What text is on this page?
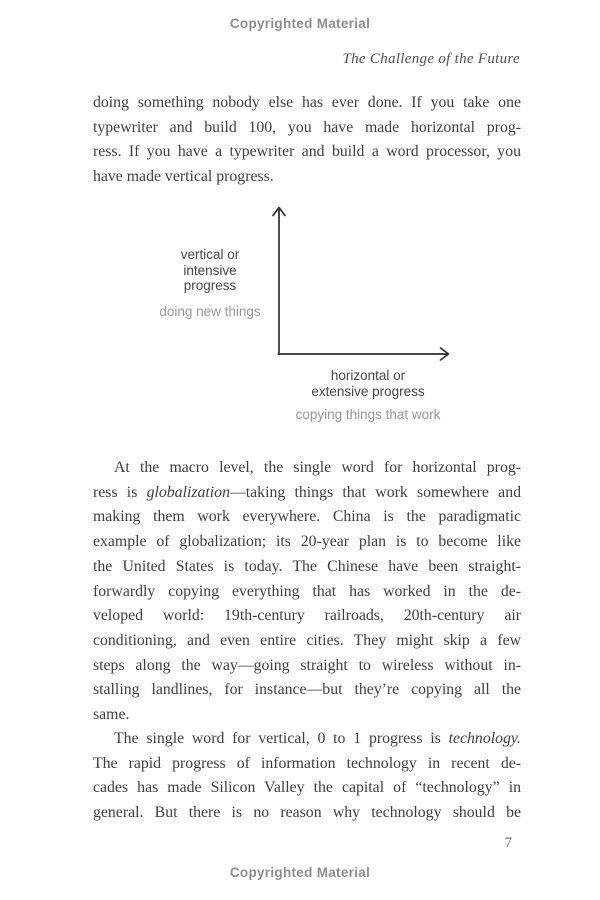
Copyrighted Material
The Challenge of the Future
doing something nobody else has ever done. If you take one
typewriter and build 100, you have made horizontal prog-
ress. If you have a typewriter and build a word processor, you
have made vertical progress.
At the macro level, the single word for horizontal prog-
ress is globalization—taking things that work somewhere and
making them work everywhere. China is the paradigmatic
example of globalization; its 20-year plan is to become like
the United States is today. The Chinese have been straight-
forwardly copying everything that has worked in the de-
veloped world: 19th-century railroads, 20th-century air
conditioning, and even entire cities. They might skip a few
steps along the way—going straight to wireless without in-
stalling landlines, for instance—but they’re copying all the
same.
The single word for vertical, 0 to 1 progress is technology.
The rapid progress of information technology in recent de-
cades has made Silicon Valley the capital of “technology” in
general. But there is no reason why technology should be
vertical or
intensive
progress
doing new things
horizontal or
extensive progress
copying things that work
7
Copyrighted Material
